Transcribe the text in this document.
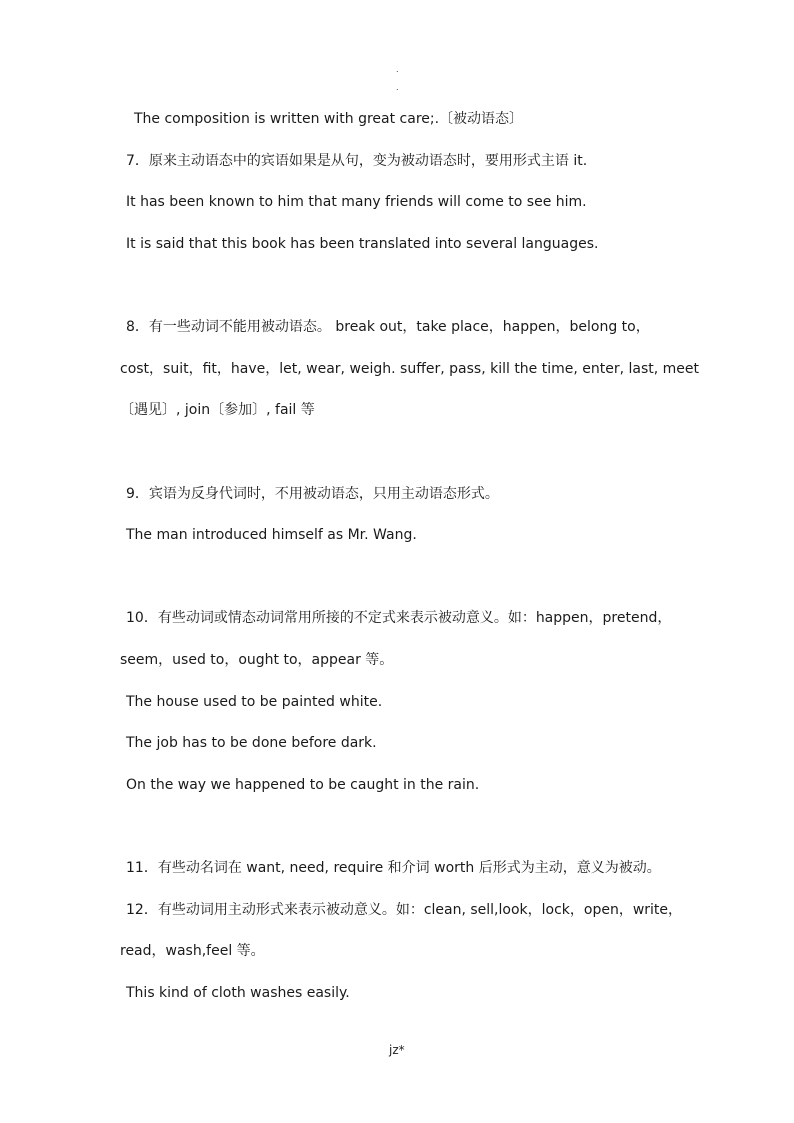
.
.
The composition is written with great care;.〔被动语态〕
7．原来主动语态中的宾语如果是从句，变为被动语态时，要用形式主语 it.
It has been known to him that many friends will come to see him.
It is said that this book has been translated into several languages.
8．有一些动词不能用被动语态。 break out，take place，happen，belong to，
cost，suit，fit，have，let, wear, weigh. suffer, pass, kill the time, enter, last, meet
〔遇见〕, join〔参加〕, fail 等
9．宾语为反身代词时，不用被动语态，只用主动语态形式。
The man introduced himself as Mr. Wang.
10．有些动词或情态动词常用所接的不定式来表示被动意义。如：happen，pretend，
seem，used to，ought to，appear 等。
The house used to be painted white.
The job has to be done before dark.
On the way we happened to be caught in the rain.
11．有些动名词在 want, need, require 和介词 worth 后形式为主动，意义为被动。
12．有些动词用主动形式来表示被动意义。如：clean, sell,look，lock，open，write，
read，wash,feel 等。
This kind of cloth washes easily.
jz*
